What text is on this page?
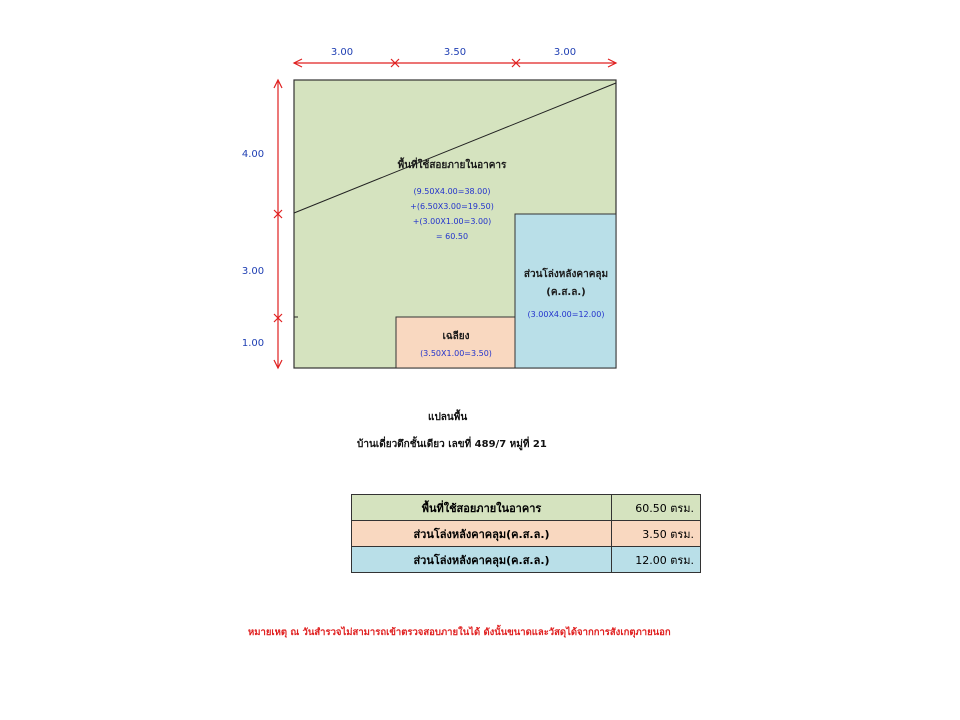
3.00	3.50	3.00
4.00
3.00
1.00
พื้นที่ใช้สอยภายในอาคาร
(9.50X4.00=38.00)
+(6.50X3.00=19.50)
+(3.00X1.00=3.00)
= 60.50
ส่วนโล่งหลังคาคลุม
(ค.ส.ล.)
(3.00X4.00=12.00)
เฉลียง
(3.50X1.00=3.50)
แปลนพื้น
บ้านเดี่ยวตึกชั้นเดียว เลขที่ 489/7 หมู่ที่ 21
พื้นที่ใช้สอยภายในอาคาร	60.50 ตรม.
ส่วนโล่งหลังคาคลุม(ค.ส.ล.)	3.50 ตรม.
ส่วนโล่งหลังคาคลุม(ค.ส.ล.)	12.00 ตรม.
หมายเหตุ ณ วันสำรวจไม่สามารถเข้าตรวจสอบภายในได้ ดังนั้นขนาดและวัสดุได้จากการสังเกตุภายนอก
